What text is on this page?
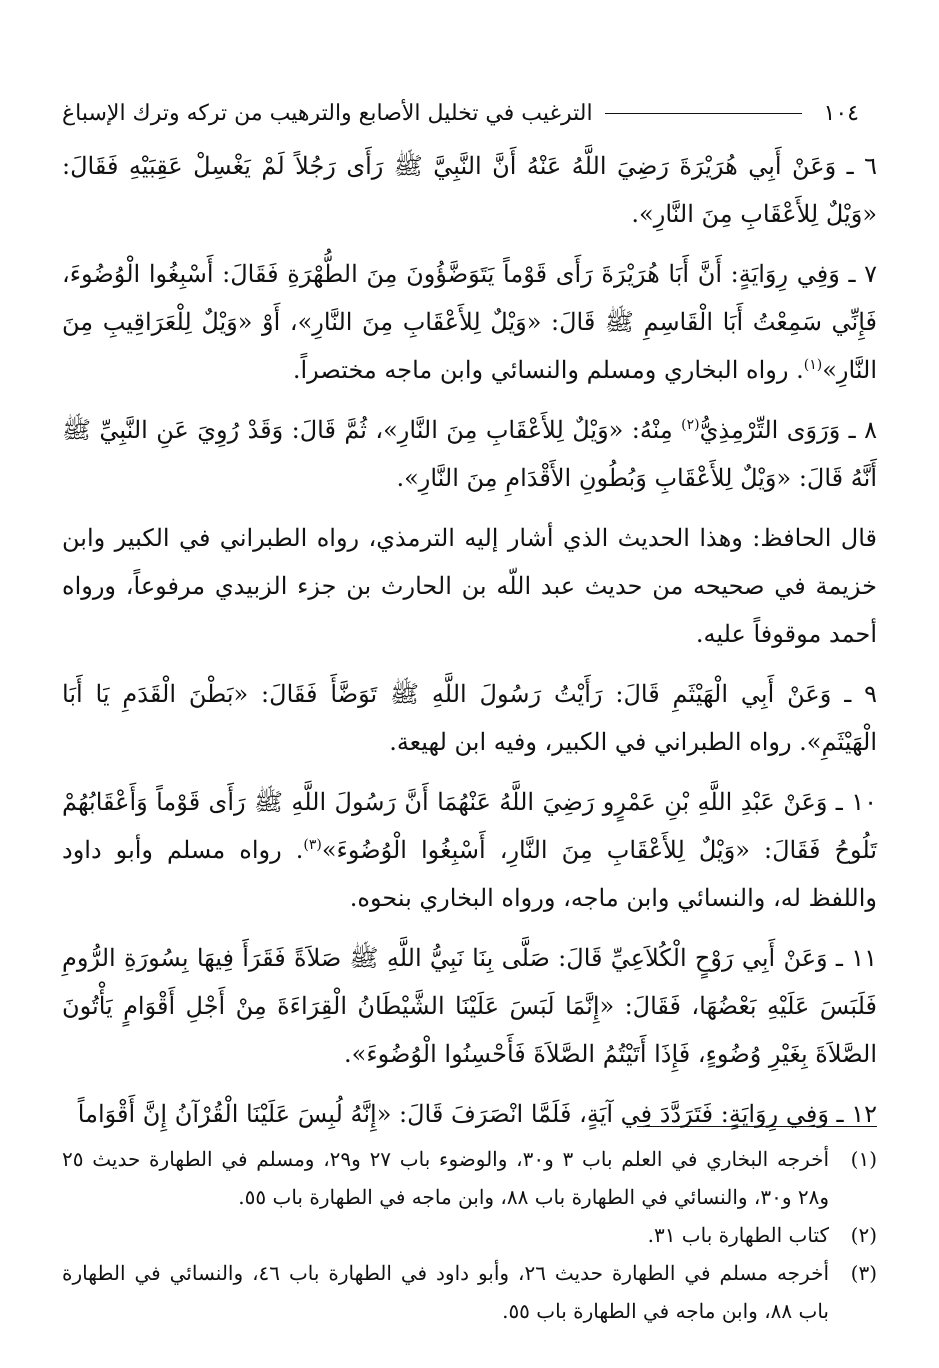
١٠٤
الترغيب في تخليل الأصابع والترهيب من تركه وترك الإسباغ

٦ ـ وَعَنْ أَبِي هُرَيْرَةَ رَضِيَ اللَّهُ عَنْهُ أَنَّ النَّبِيَّ ﷺ رَأَى رَجُلاً لَمْ يَغْسِلْ عَقِبَيْهِ فَقَالَ: «وَيْلٌ لِلأَعْقَابِ مِنَ النَّارِ».

٧ ـ وَفِي رِوَايَةٍ: أَنَّ أَبَا هُرَيْرَةَ رَأَى قَوْماً يَتَوَضَّؤُونَ مِنَ الطُّهْرَةِ فَقَالَ: أَسْبِغُوا الْوُضُوءَ، فَإِنِّي سَمِعْتُ أَبَا الْقَاسِمِ ﷺ قَالَ: «وَيْلٌ لِلأَعْقَابِ مِنَ النَّارِ»، أَوْ «وَيْلٌ لِلْعَرَاقِيبِ مِنَ النَّارِ»$^{(١)}$. رواه البخاري ومسلم والنسائي وابن ماجه مختصراً.

٨ ـ وَرَوَى التِّرْمِذِيُّ$^{(٢)}$ مِنْهُ: «وَيْلٌ لِلأَعْقَابِ مِنَ النَّارِ»، ثُمَّ قَالَ: وَقَدْ رُوِيَ عَنِ النَّبِيِّ ﷺ أَنَّهُ قَالَ: «وَيْلٌ لِلأَعْقَابِ وَبُطُونِ الأَقْدَامِ مِنَ النَّارِ».

قال الحافظ: وهذا الحديث الذي أشار إليه الترمذي، رواه الطبراني في الكبير وابن خزيمة في صحيحه من حديث عبد اللّه بن الحارث بن جزء الزبيدي مرفوعاً، ورواه أحمد موقوفاً عليه.

٩ ـ وَعَنْ أَبِي الْهَيْثَمِ قَالَ: رَأَيْتُ رَسُولَ اللَّهِ ﷺ تَوَضَّأَ فَقَالَ: «بَطْنَ الْقَدَمِ يَا أَبَا الْهَيْثَمِ». رواه الطبراني في الكبير، وفيه ابن لهيعة.

١٠ ـ وَعَنْ عَبْدِ اللَّهِ بْنِ عَمْرٍو رَضِيَ اللَّهُ عَنْهُمَا أَنَّ رَسُولَ اللَّهِ ﷺ رَأَى قَوْماً وَأَعْقَابُهُمْ تَلُوحُ فَقَالَ: «وَيْلٌ لِلأَعْقَابِ مِنَ النَّارِ، أَسْبِغُوا الْوُضُوءَ»$^{(٣)}$. رواه مسلم وأبو داود واللفظ له، والنسائي وابن ماجه، ورواه البخاري بنحوه.

١١ ـ وَعَنْ أَبِي رَوْحٍ الْكُلاَعِيِّ قَالَ: صَلَّى بِنَا نَبِيُّ اللَّهِ ﷺ صَلاَةً فَقَرَأَ فِيهَا بِسُورَةِ الرُّومِ فَلَبَسَ عَلَيْهِ بَعْضُهَا، فَقَالَ: «إِنَّمَا لَبَسَ عَلَيْنَا الشَّيْطَانُ الْقِرَاءَةَ مِنْ أَجْلِ أَقْوَامٍ يَأْتُونَ الصَّلاَةَ بِغَيْرِ وُضُوءٍ، فَإِذَا أَتَيْتُمُ الصَّلاَةَ فَأَحْسِنُوا الْوُضُوءَ».

١٢ ـ وَفِي رِوَايَةٍ: فَتَرَدَّدَ فِي آيَةٍ، فَلَمَّا انْصَرَفَ قَالَ: «إِنَّهُ لُبِسَ عَلَيْنَا الْقُرْآنُ إِنَّ أَقْوَاماً

(١)
أخرجه البخاري في العلم باب ٣ و٣٠، والوضوء باب ٢٧ و٢٩، ومسلم في الطهارة حديث ٢٥ و٢٨ و٣٠، والنسائي في الطهارة باب ٨٨، وابن ماجه في الطهارة باب ٥٥.
(٢)
كتاب الطهارة باب ٣١.
(٣)
أخرجه مسلم في الطهارة حديث ٢٦، وأبو داود في الطهارة باب ٤٦، والنسائي في الطهارة باب ٨٨، وابن ماجه في الطهارة باب ٥٥.
